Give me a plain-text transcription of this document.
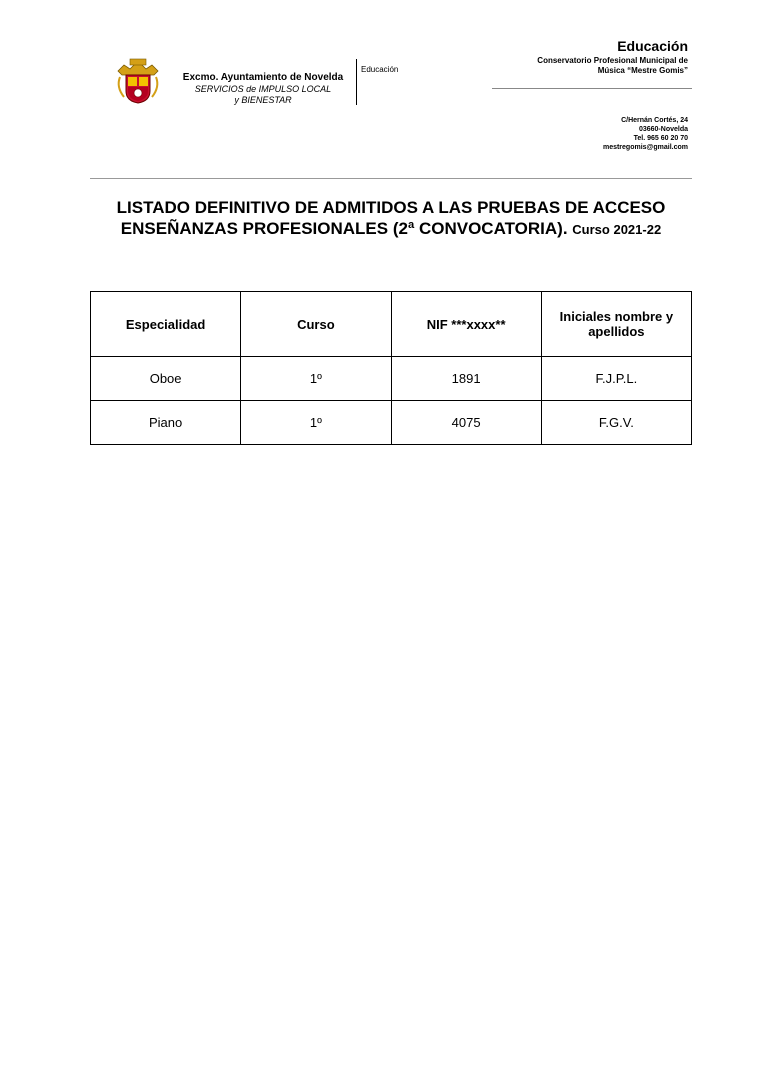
Excmo. Ayuntamiento de Novelda
SERVICIOS de IMPULSO LOCAL
y BIENESTAR
Educación
Educación
Conservatorio Profesional Municipal de
Música “Mestre Gomis”
C/Hernán Cortés, 24
03660-Novelda
Tel. 965 60 20 70
mestregomis@gmail.com
LISTADO DEFINITIVO DE ADMITIDOS A LAS PRUEBAS DE ACCESO
ENSEÑANZAS PROFESIONALES (2ª CONVOCATORIA). Curso 2021-22
Especialidad	Curso	NIF ***xxxx**	Iniciales nombre y apellidos
Oboe	1º	1891	F.J.P.L.
Piano	1º	4075	F.G.V.
